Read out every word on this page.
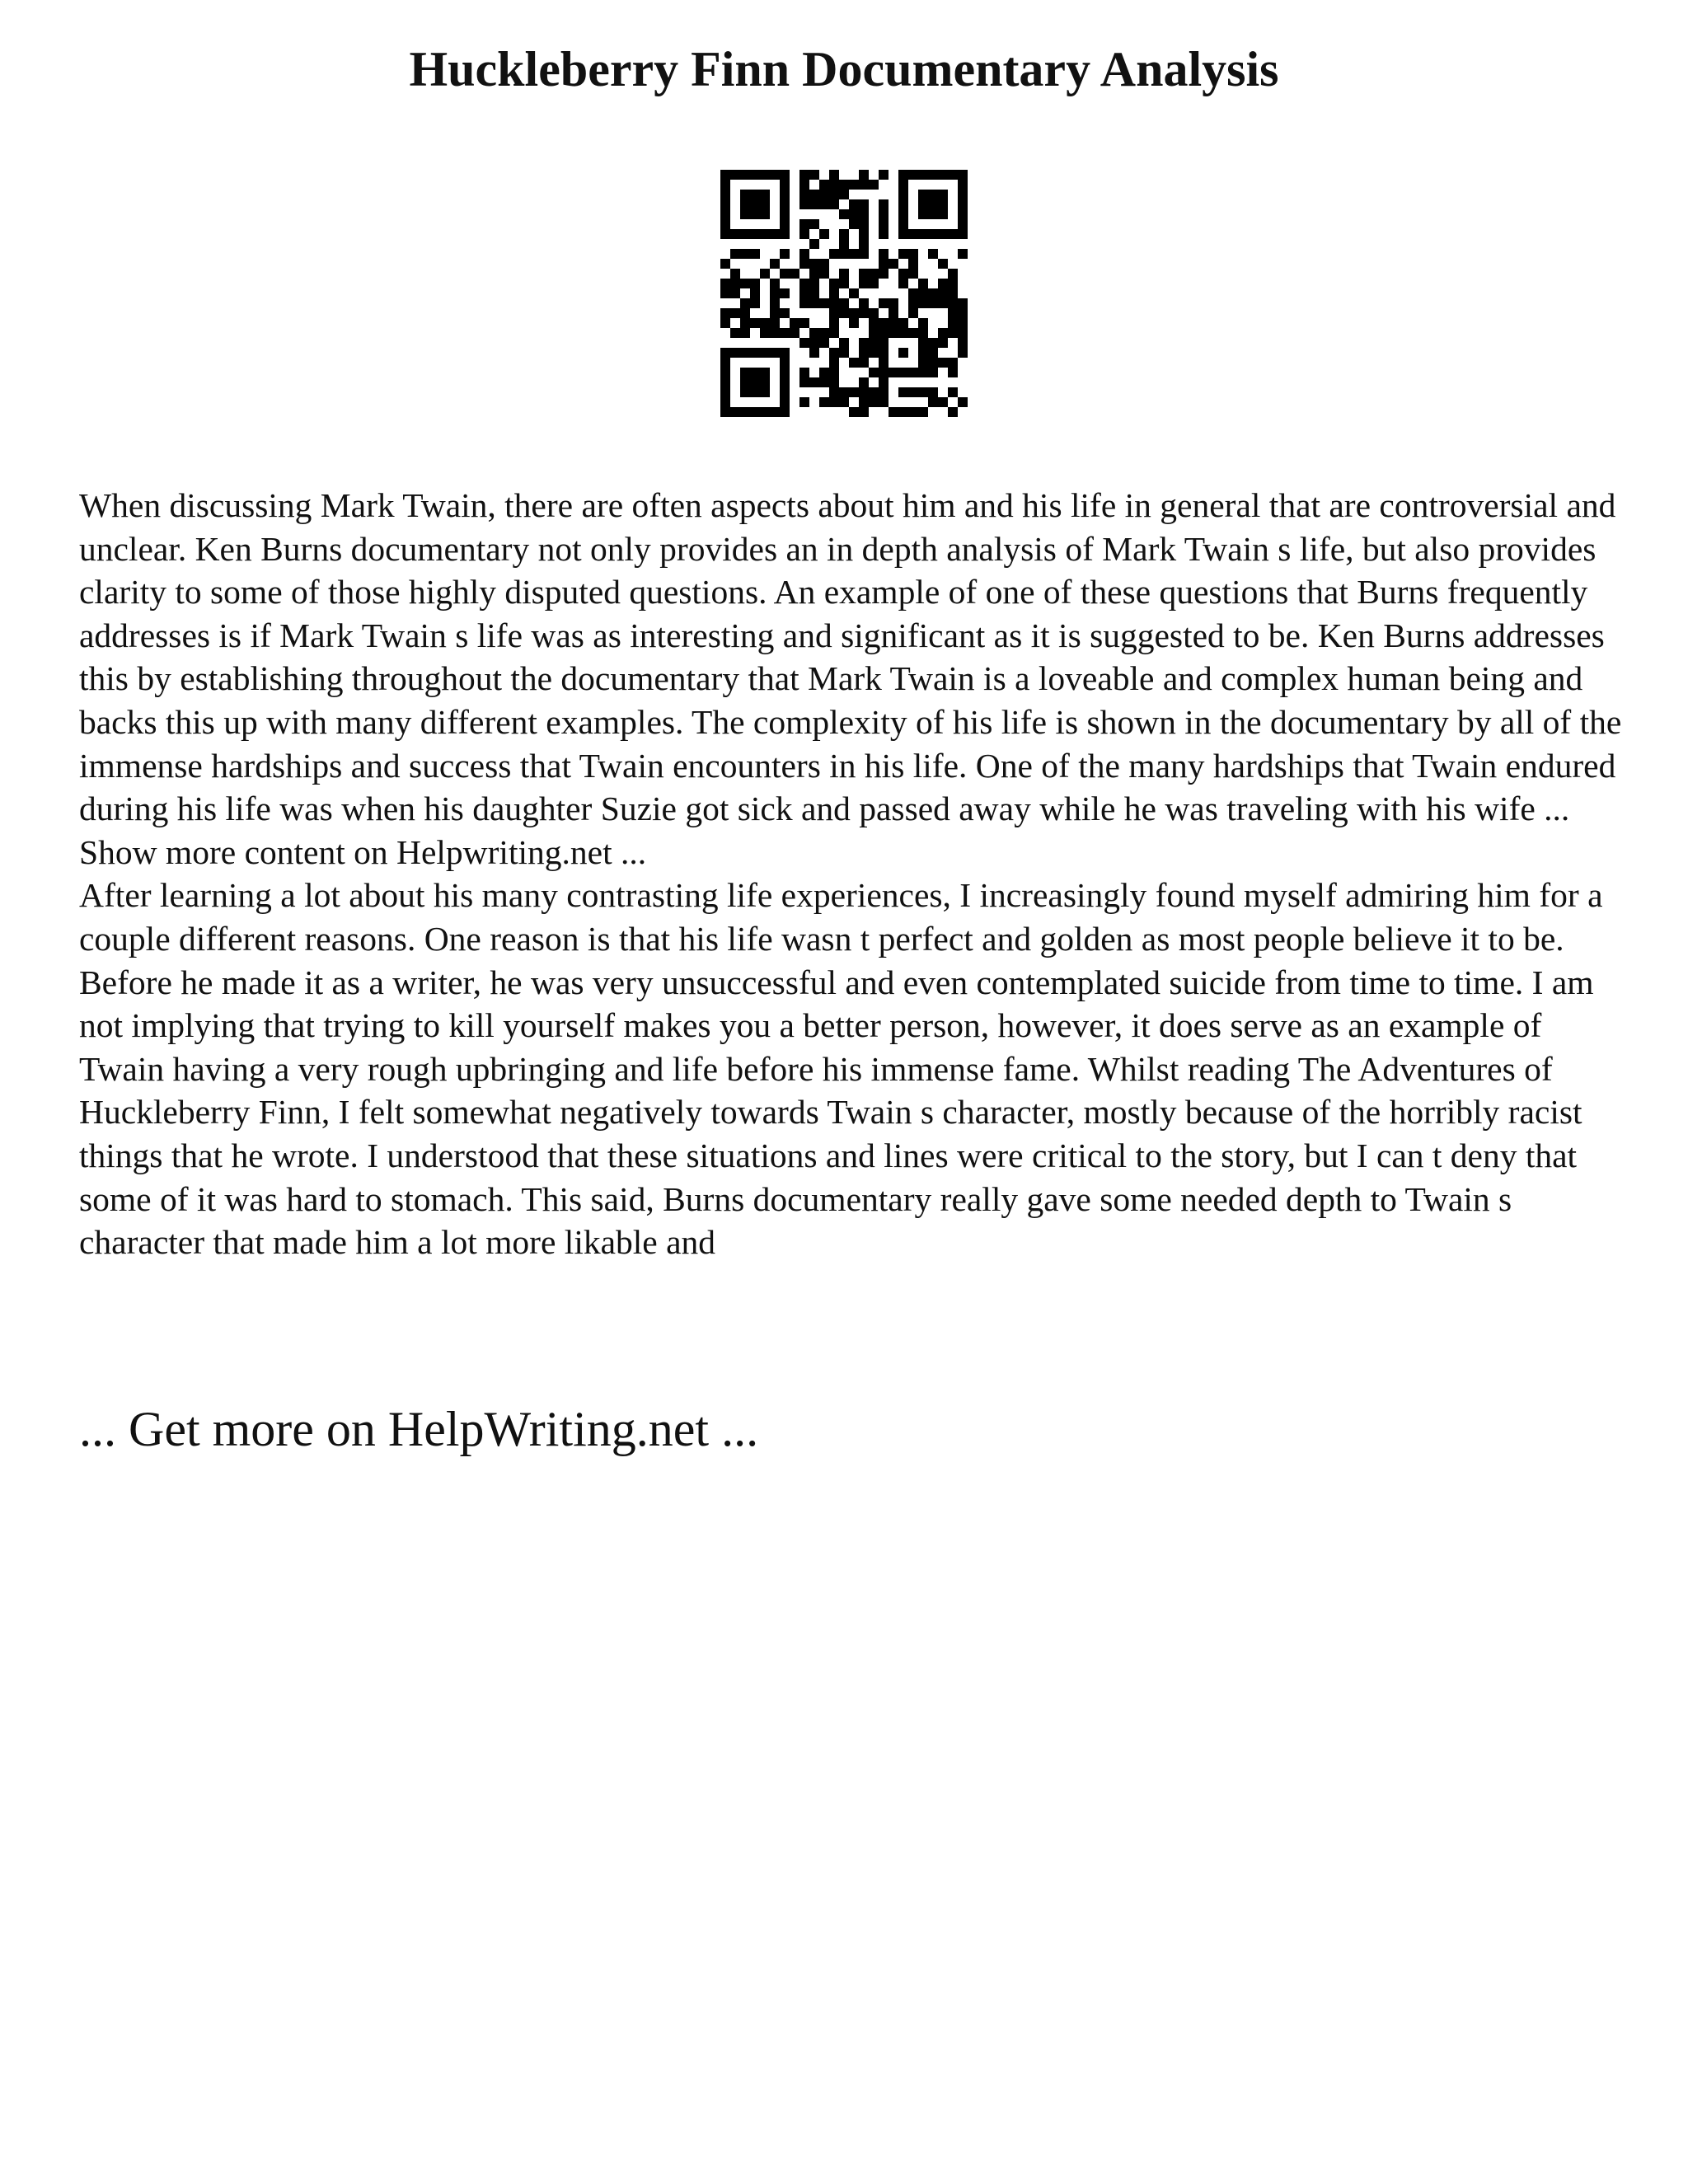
Huckleberry Finn Documentary Analysis

When discussing Mark Twain, there are often aspects about him and his life in general that are controversial and unclear. Ken Burns documentary not only provides an in depth analysis of Mark Twain s life, but also provides clarity to some of those highly disputed questions. An example of one of these questions that Burns frequently addresses is if Mark Twain s life was as interesting and significant as it is suggested to be. Ken Burns addresses this by establishing throughout the documentary that Mark Twain is a loveable and complex human being and backs this up with many different examples. The complexity of his life is shown in the documentary by all of the immense hardships and success that Twain encounters in his life. One of the many hardships that Twain endured during his life was when his daughter Suzie got sick and passed away while he was traveling with his wife ... Show more content on Helpwriting.net ...

After learning a lot about his many contrasting life experiences, I increasingly found myself admiring him for a couple different reasons. One reason is that his life wasn t perfect and golden as most people believe it to be. Before he made it as a writer, he was very unsuccessful and even contemplated suicide from time to time. I am not implying that trying to kill yourself makes you a better person, however, it does serve as an example of Twain having a very rough upbringing and life before his immense fame. Whilst reading The Adventures of Huckleberry Finn, I felt somewhat negatively towards Twain s character, mostly because of the horribly racist things that he wrote. I understood that these situations and lines were critical to the story, but I can t deny that some of it was hard to stomach. This said, Burns documentary really gave some needed depth to Twain s character that made him a lot more likable and

... Get more on HelpWriting.net ...
